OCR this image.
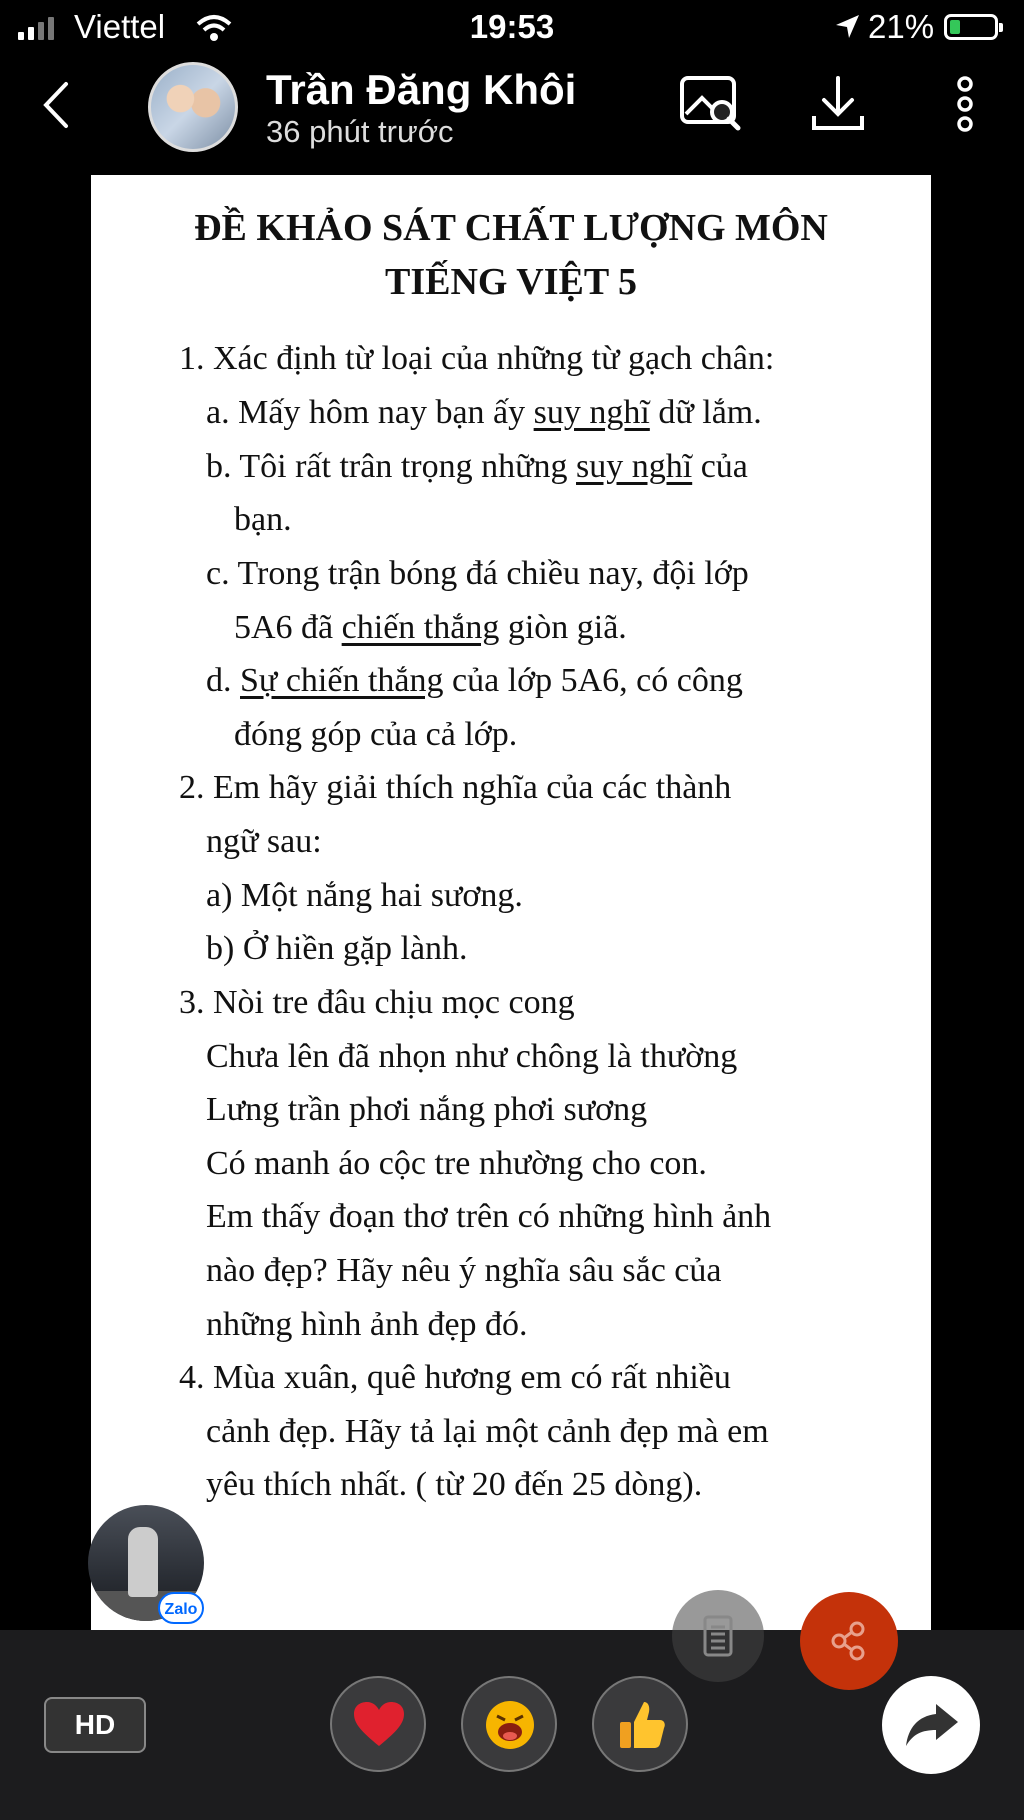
Viettel	19:53	21%
Trần Đăng Khôi
36 phút trước
ĐỀ KHẢO SÁT CHẤT LƯỢNG MÔN
TIẾNG VIỆT 5
1. Xác định từ loại của những từ gạch chân:
a. Mấy hôm nay bạn ấy suy nghĩ dữ lắm.
b. Tôi rất trân trọng những suy nghĩ của
bạn.
c. Trong trận bóng đá chiều nay, đội lớp
5A6 đã chiến thắng giòn giã.
d. Sự chiến thắng của lớp 5A6, có công
đóng góp của cả lớp.
2. Em hãy giải thích nghĩa của các thành
ngữ sau:
a) Một nắng hai sương.
b) Ở hiền gặp lành.
3. Nòi tre đâu chịu mọc cong
Chưa lên đã nhọn như chông là thường
Lưng trần phơi nắng phơi sương
Có manh áo cộc tre nhường cho con.
Em thấy đoạn thơ trên có những hình ảnh
nào đẹp? Hãy nêu ý nghĩa sâu sắc của
những hình ảnh đẹp đó.
4. Mùa xuân, quê hương em có rất nhiều
cảnh đẹp. Hãy tả lại một cảnh đẹp mà em
yêu thích nhất. ( từ 20 đến 25 dòng).
Zalo
HD
